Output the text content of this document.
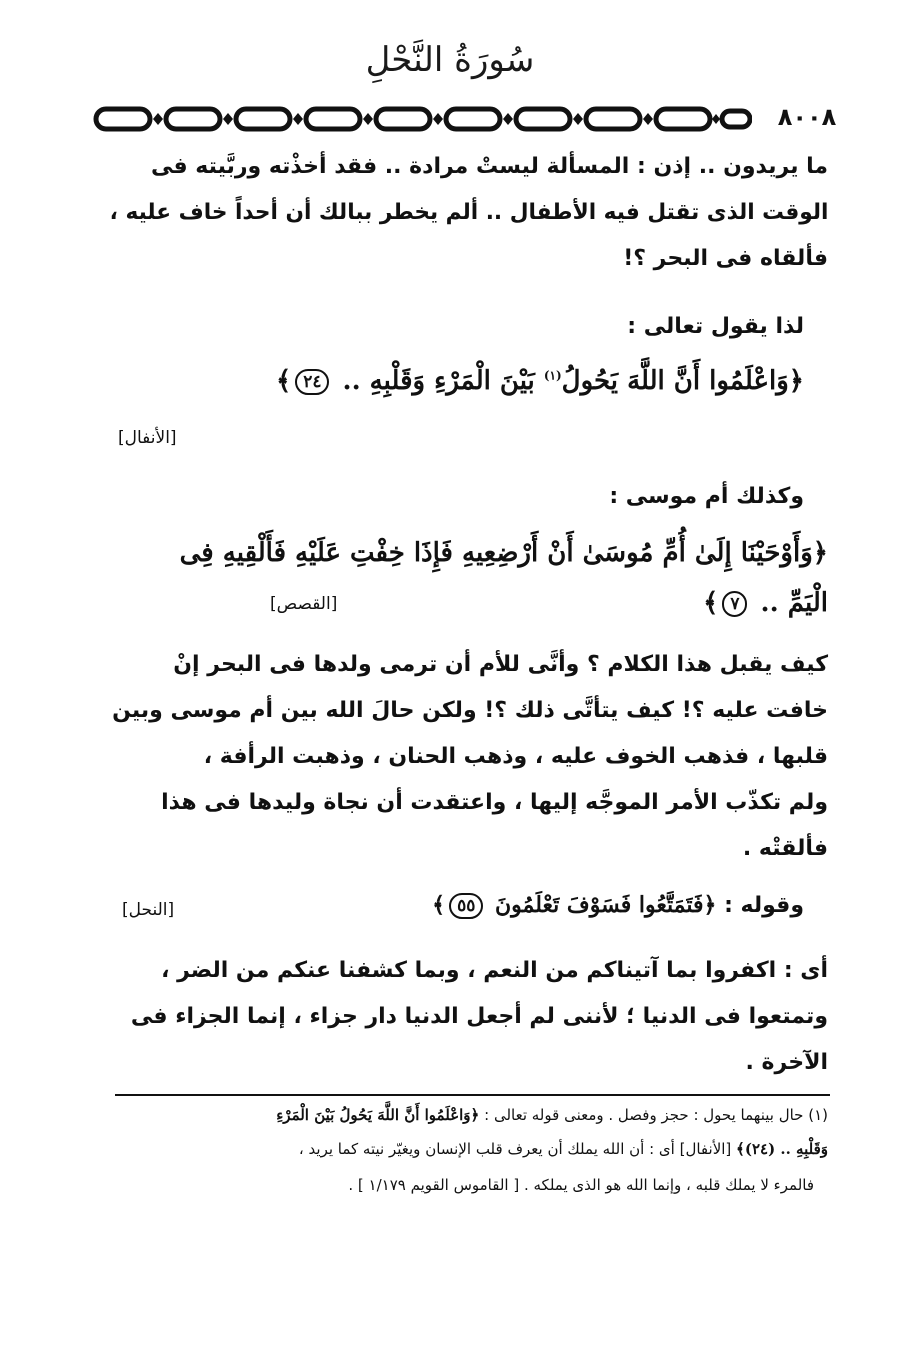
سُورَةُ النَّحْلِ
٨٠٠٨
ما يريدون .. إذن : المسألة ليستْ مرادة .. فقد أخذْته وربَّيته فى
الوقت الذى تقتل فيه الأطفال .. ألم يخطر ببالك أن أحداً خاف عليه ،
فألقاه فى البحر ؟!
لذا يقول تعالى :
﴿وَاعْلَمُوا أَنَّ اللَّهَ يَحُولُ$^{(١)}$ بَيْنَ الْمَرْءِ وَقَلْبِهِ .. ٢٤﴾
[الأنفال]
وكذلك أم موسى :
﴿وَأَوْحَيْنَا إِلَىٰ أُمِّ مُوسَىٰ أَنْ أَرْضِعِيهِ فَإِذَا خِفْتِ عَلَيْهِ فَأَلْقِيهِ فِى
الْيَمِّ .. ٧﴾
[القصص]
كيف يقبل هذا الكلام ؟ وأنَّى للأم أن ترمى ولدها فى البحر إنْ
خافت عليه ؟! كيف يتأتَّى ذلك ؟! ولكن حالَ الله بين أم موسى وبين
قلبها ، فذهب الخوف عليه ، وذهب الحنان ، وذهبت الرأفة ،
ولم تكذّب الأمر الموجَّه إليها ، واعتقدت أن نجاة وليدها فى هذا
فألقتْه .
وقوله : ﴿فَتَمَتَّعُوا فَسَوْفَ تَعْلَمُونَ ٥٥﴾
[النحل]
أى : اكفروا بما آتيناكم من النعم ، وبما كشفنا عنكم من الضر ،
وتمتعوا فى الدنيا ؛ لأننى لم أجعل الدنيا دار جزاء ، إنما الجزاء فى
الآخرة .
(١) حال بينهما يحول : حجز وفصل . ومعنى قوله تعالى : ﴿وَاعْلَمُوا أَنَّ اللَّهَ يَحُولُ بَيْنَ الْمَرْءِ
وَقَلْبِهِ .. (٢٤)﴾ [الأنفال] أى : أن الله يملك أن يعرف قلب الإنسان ويغيّر نيته كما يريد ،
فالمرء لا يملك قلبه ، وإنما الله هو الذى يملكه . [ القاموس القويم ١/١٧٩ ] .
